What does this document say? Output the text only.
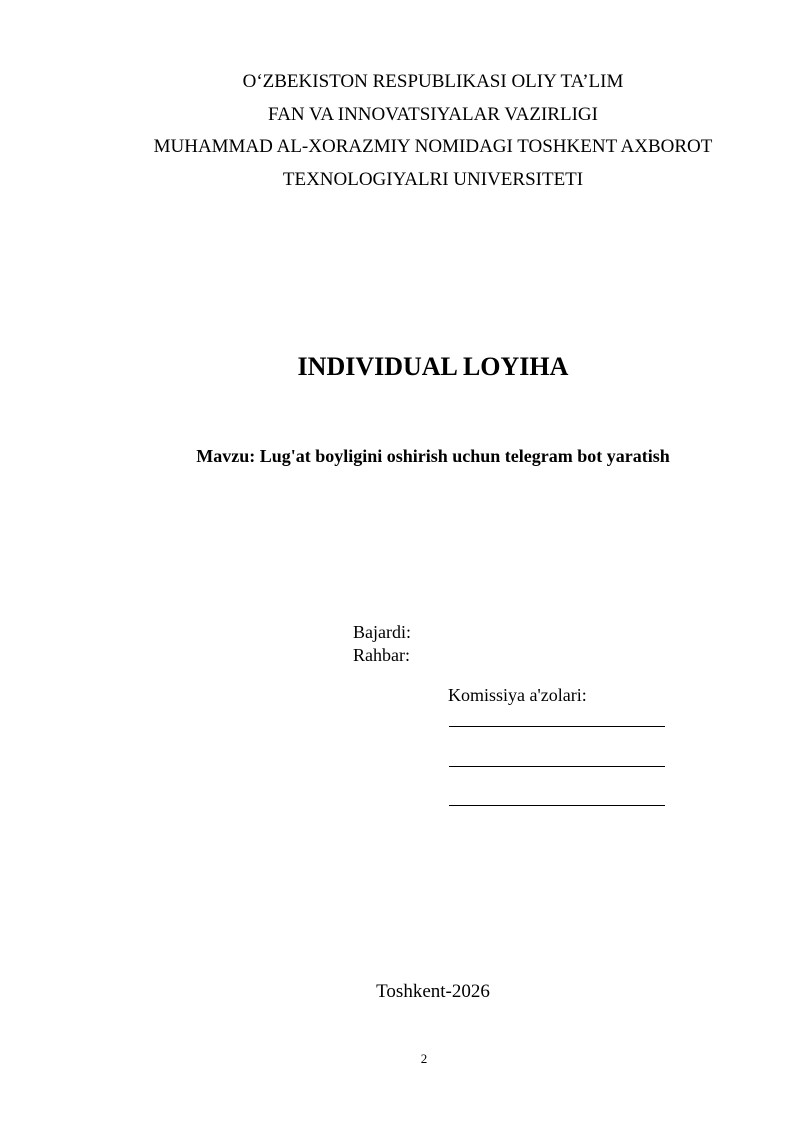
O‘ZBEKISTON RESPUBLIKASI OLIY TA’LIM
FAN VA INNOVATSIYALAR VAZIRLIGI
MUHAMMAD AL-XORAZMIY NOMIDAGI TOSHKENT AXBOROT
TEXNOLOGIYALRI UNIVERSITETI
INDIVIDUAL LOYIHA
Mavzu: Lug'at boyligini oshirish uchun telegram bot yaratish
Bajardi:
Rahbar:
Komissiya a'zolari:
Toshkent-2026
2
